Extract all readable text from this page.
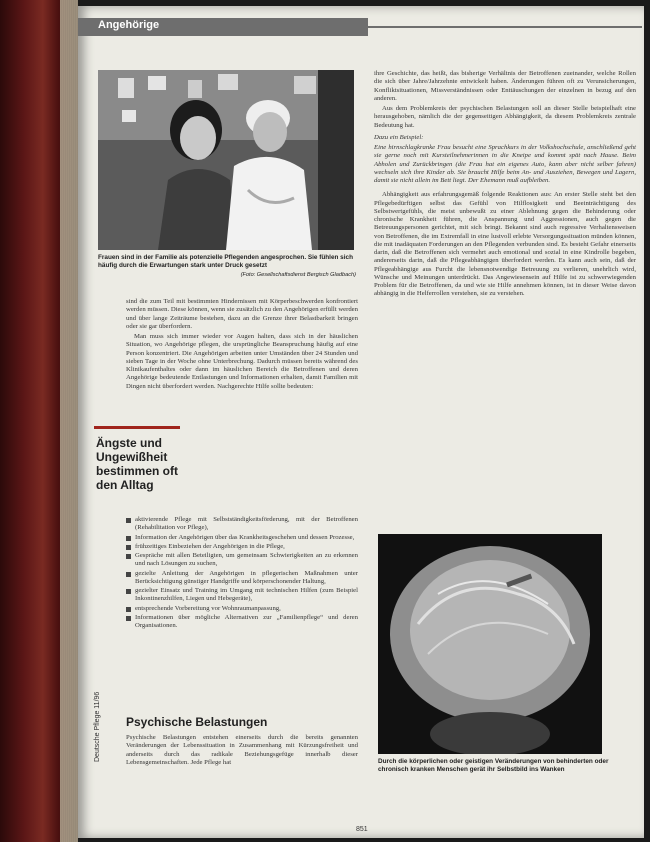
Angehörige
Frauen sind in der Familie als potenzielle Pflegenden angesprochen. Sie fühlen sich häufig durch die Erwartungen stark unter Druck gesetzt
(Foto: Gesellschaftsdienst Bergisch Gladbach)

sind die zum Teil mit bestimmten Hindernissen mit Körperbeschwerden konfrontiert werden müssen. Diese können, wenn sie zusätzlich zu den Angehörigen erfüllt werden und über lange Zeiträume bestehen, dazu an die Grenze ihrer Belastbarkeit bringen oder sie gar überfordern.

Man muss sich immer wieder vor Augen halten, dass sich in der häuslichen Situation, wo Angehörige pflegen, die ursprüngliche Beanspruchung häufig auf eine Person konzentriert. Die Angehörigen arbeiten unter Umständen über 24 Stunden und sieben Tage in der Woche ohne Unterbrechung. Dadurch müssen bereits während des Klinikaufenthaltes oder dann im häuslichen Bereich die Betroffenen und deren Angehörige bedeutende Entlastungen und Informationen erhalten, damit Familien mit Dingen nicht überfordert werden. Nachgerechte Hilfe sollte bedeuten:

Ängste und Ungewißheit bestimmen oft den Alltag
aktivierende Pflege mit Selbstständigkeitsförderung, mit der Betroffenen (Rehabilitation vor Pflege),
Information der Angehörigen über das Krankheitsgeschehen und dessen Prozesse,
frühzeitiges Einbeziehen der Angehörigen in die Pflege,
Gespräche mit allen Beteiligten, um gemeinsam Schwierigkeiten an zu erkennen und nach Lösungen zu suchen,
gezielte Anleitung der Angehörigen in pflegerischen Maßnahmen unter Berücksichtigung günstiger Handgriffe und körperschonender Haltung,
gezielter Einsatz und Training im Umgang mit technischen Hilfen (zum Beispiel Inkontinenzhilfen, Liegen und Hebegeräte),
entsprechende Vorbereitung vor Wohnraumanpassung,
Informationen über mögliche Alternativen zur „Familienpflege“ und deren Organisationen.
Psychische Belastungen

Psychische Belastungen entstehen einerseits durch die bereits genannten Veränderungen der Lebenssituation in Zusammenhang mit Kürzungsfreiheit und anderseits durch das radikale Beziehungsgefüge innerhalb dieser Lebensgemeinschaften. Jede Pflege hat

ihre Geschichte, das heißt, das bisherige Verhältnis der Betroffenen zueinander, welche Rollen die sich über Jahre/Jahrzehnte entwickelt haben. Änderungen führen oft zu Verunsicherungen, Konfliktsituationen, Missverständnissen oder Enttäuschungen der einzelnen in bezug auf den anderen.

Aus dem Problemkreis der psychischen Belastungen soll an dieser Stelle beispielhaft eine herausgehoben, nämlich die der gegenseitigen Abhängigkeit, da diesem Problemkreis zentrale Bedeutung hat.

Dazu ein Beispiel:

Eine hirnschlagkranke Frau besucht eine Sprachkurs in der Volkshochschule, anschließend geht sie gerne noch mit Kursteilnehmerinnen in die Kneipe und kommt spät nach Hause. Beim Abholen und Zurückbringen (die Frau hat ein eigenes Auto, kann aber nicht selber fahren) wechseln sich ihre Kinder ab. Sie braucht Hilfe beim An- und Ausziehen, Bewegen und Lagern, damit sie nicht allein im Bett liegt. Der Ehemann muß aufbleiben.

Abhängigkeit aus erfahrungsgemäß folgende Reaktionen aus: An erster Stelle steht bei den Pflegebedürftigen selbst das Gefühl von Hilflosigkeit und Beeinträchtigung des Selbstwertgefühls, die meist unbewußt zu einer Ablehnung gegen die Behinderung oder chronische Krankheit führen, die Anspannung und Aggressionen, auch gegen die Betreuungspersonen gerichtet, mit sich bringt. Bekannt sind auch regressive Verhaltensweisen von Betroffenen, die im Extremfall in eine lustvoll erlebte Versorgungssituation münden können, die mit inadäquaten Forderungen an den Pflegenden verbunden sind. Es besteht Gefahr einerseits darin, daß die Betroffenen sich vermehrt auch emotional und sozial in eine Kindrolle begeben, andererseits darin, daß die Pflegeabhängigen überfordert werden. Es kann auch sein, daß der Pflegeabhängige aus Furcht die lebensnotwendige Betreuung zu verlieren, unehrlich wird, Wünsche und Meinungen unterdrückt. Das Angewiesensein auf Hilfe ist zu schwerwiegenden Problem für die Betroffenen, da und wie sie Hilfe annehmen können, ist in dieser Weise davon abhängig in die Helferrollen verstehen, sie zu verstehen.

Durch die körperlichen oder geistigen Veränderungen von behinderten oder chronisch kranken Menschen gerät ihr Selbstbild ins Wanken
Deutsche Pflege 11/96
851
